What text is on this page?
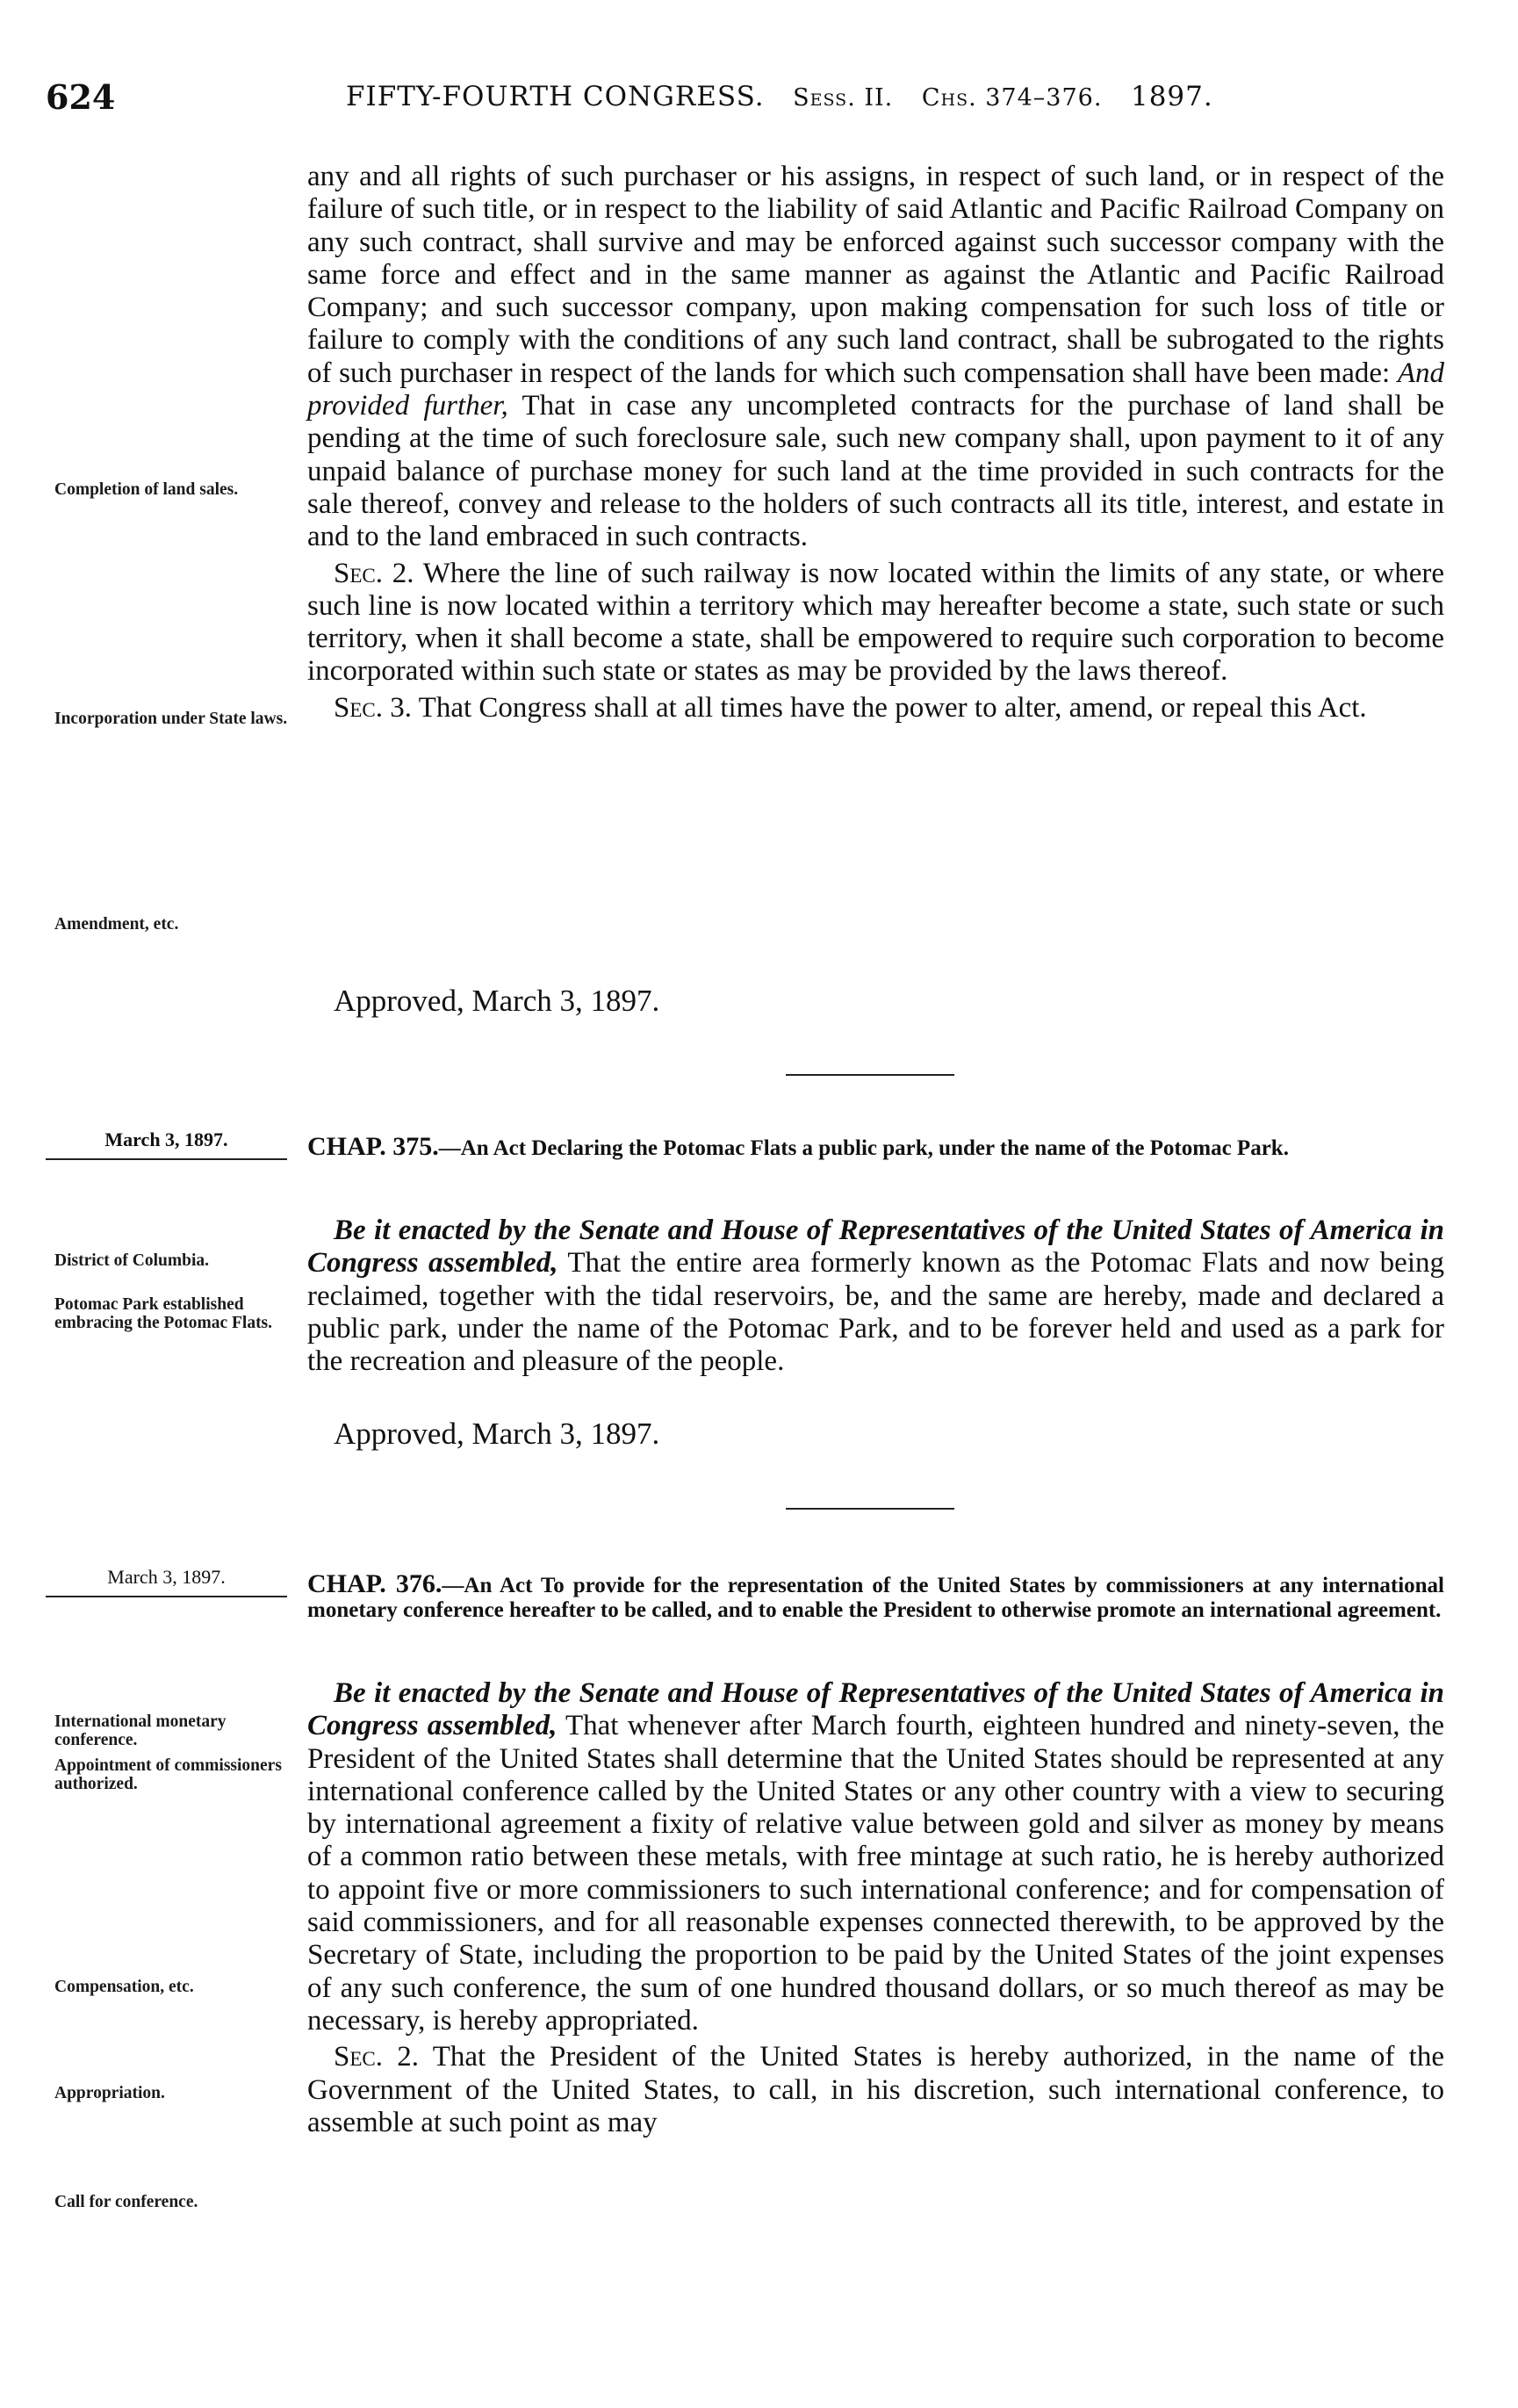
624	FIFTY-FOURTH CONGRESS. Sess. II. Chs. 374–376. 1897.

any and all rights of such purchaser or his assigns, in respect of such land, or in respect of the failure of such title, or in respect to the liability of said Atlantic and Pacific Railroad Company on any such contract, shall survive and may be enforced against such successor company with the same force and effect and in the same manner as against the Atlantic and Pacific Railroad Company; and such successor company, upon making compensation for such loss of title or failure to comply with the conditions of any such land contract, shall be subrogated to the rights of such purchaser in respect of the lands for which such compensation shall have been made: And provided further, That in case any uncompleted contracts for the purchase of land shall be pending at the time of such foreclosure sale, such new company shall, upon payment to it of any unpaid balance of purchase money for such land at the time provided in such contracts for the sale thereof, convey and release to the holders of such contracts all its title, interest, and estate in and to the land embraced in such contracts.

Sec. 2. Where the line of such railway is now located within the limits of any state, or where such line is now located within a territory which may hereafter become a state, such state or such territory, when it shall become a state, shall be empowered to require such corporation to become incorporated within such state or states as may be provided by the laws thereof.

Sec. 3. That Congress shall at all times have the power to alter, amend, or repeal this Act.

Approved, March 3, 1897.
Completion of land sales.
Incorporation under State laws.
Amendment, etc.
March 3, 1897.	CHAP. 375.—An Act Declaring the Potomac Flats a public park, under the name of the Potomac Park.

Be it enacted by the Senate and House of Representatives of the United States of America in Congress assembled, That the entire area formerly known as the Potomac Flats and now being reclaimed, together with the tidal reservoirs, be, and the same are hereby, made and declared a public park, under the name of the Potomac Park, and to be forever held and used as a park for the recreation and pleasure of the people.

Approved, March 3, 1897.
District of Columbia.
Potomac Park established embracing the Potomac Flats.
March 3, 1897.	CHAP. 376.—An Act To provide for the representation of the United States by commissioners at any international monetary conference hereafter to be called, and to enable the President to otherwise promote an international agreement.

Be it enacted by the Senate and House of Representatives of the United States of America in Congress assembled, That whenever after March fourth, eighteen hundred and ninety-seven, the President of the United States shall determine that the United States should be represented at any international conference called by the United States or any other country with a view to securing by international agreement a fixity of relative value between gold and silver as money by means of a common ratio between these metals, with free mintage at such ratio, he is hereby authorized to appoint five or more commissioners to such international conference; and for compensation of said commissioners, and for all reasonable expenses connected therewith, to be approved by the Secretary of State, including the proportion to be paid by the United States of the joint expenses of any such conference, the sum of one hundred thousand dollars, or so much thereof as may be necessary, is hereby appropriated.

Sec. 2. That the President of the United States is hereby authorized, in the name of the Government of the United States, to call, in his discretion, such international conference, to assemble at such point as may

International monetary conference.
Appointment of commissioners authorized.
Compensation, etc.
Appropriation.
Call for conference.
